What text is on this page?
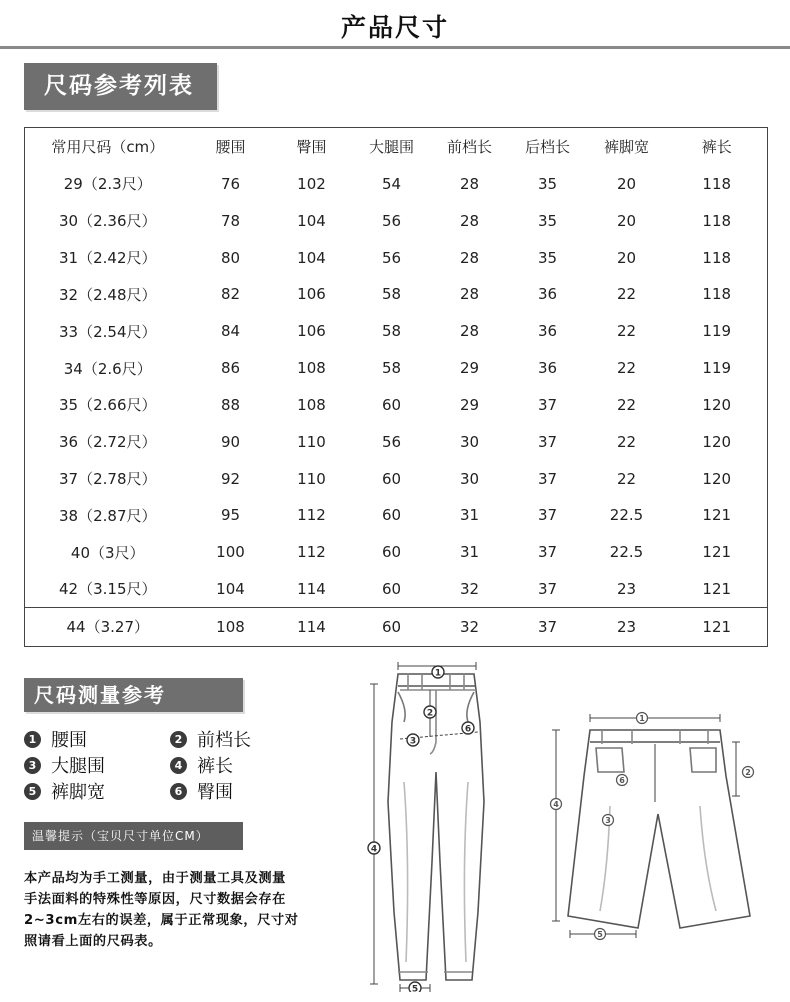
产品尺寸
尺码参考列表
常用尺码（cm）	腰围	臀围	大腿围	前档长	后档长	裤脚宽	裤长
29（2.3尺）	76	102	54	28	35	20	118
30（2.36尺）	78	104	56	28	35	20	118
31（2.42尺）	80	104	56	28	35	20	118
32（2.48尺）	82	106	58	28	36	22	118
33（2.54尺）	84	106	58	28	36	22	119
34（2.6尺）	86	108	58	29	36	22	119
35（2.66尺）	88	108	60	29	37	22	120
36（2.72尺）	90	110	56	30	37	22	120
37（2.78尺）	92	110	60	30	37	22	120
38（2.87尺）	95	112	60	31	37	22.5	121
40（3尺）	100	112	60	31	37	22.5	121
42（3.15尺）	104	114	60	32	37	23	121
44（3.27）	108	114	60	32	37	23	121
尺码测量参考
1 腰围	2 前档长
3 大腿围	4 裤长
5 裤脚宽	6 臀围
温馨提示（宝贝尺寸单位CM）
本产品均为手工测量，由于测量工具及测量
手法面料的特殊性等原因，尺寸数据会存在
2~3cm左右的误差，属于正常现象，尺寸对
照请看上面的尺码表。
1
2
3
4
5
6
1
2
3
4
5
6
